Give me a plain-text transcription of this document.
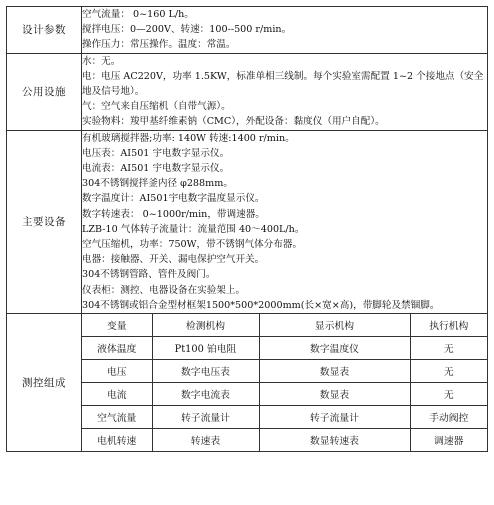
设计参数	
空气流量： 0~160 L/h。
搅拌电压：0—200V、转速：100--500 r/min。
操作压力：常压操作。温度：常温。

公用设施	
水：无。
电：电压 AC220V，功率 1.5KW，标准单相三线制。每个实验室需配置 1~2 个接地点（安全地及信号地）。
气：空气来自压缩机（自带气源）。
实验物料：羧甲基纤维素钠（CMC），外配设备：黏度仪（用户自配）。

主要设备	
有机玻璃搅拌器;功率: 140W 转速:1400 r/min。
电压表：AI501 宇电数字显示仪。
电流表：AI501 宇电数字显示仪。
304不锈钢搅拌釜内径 φ288mm。
数字温度计：AI501宇电数字温度显示仪。
数字转速表： 0~1000r/min，带调速器。
LZB-10 气体转子流量计：流量范围 40～400L/h。
空气压缩机，功率：750W，带不锈钢气体分布器。
电器：接触器、开关、漏电保护空气开关。
304不锈钢管路、管件及阀门。
仪表柜：测控、电器设备在实验架上。
304不锈钢或铝合金型材框架1500*500*2000mm(长×宽×高)，带脚轮及禁锢脚。

测控组成	
变量	检测机构	显示机构	执行机构
液体温度	Pt100 铂电阻	数字温度仪	无
电压	数字电压表	数显表	无
电流	数字电流表	数显表	无
空气流量	转子流量计	转子流量计	手动阀控
电机转速	转速表	数显转速表	调速器
